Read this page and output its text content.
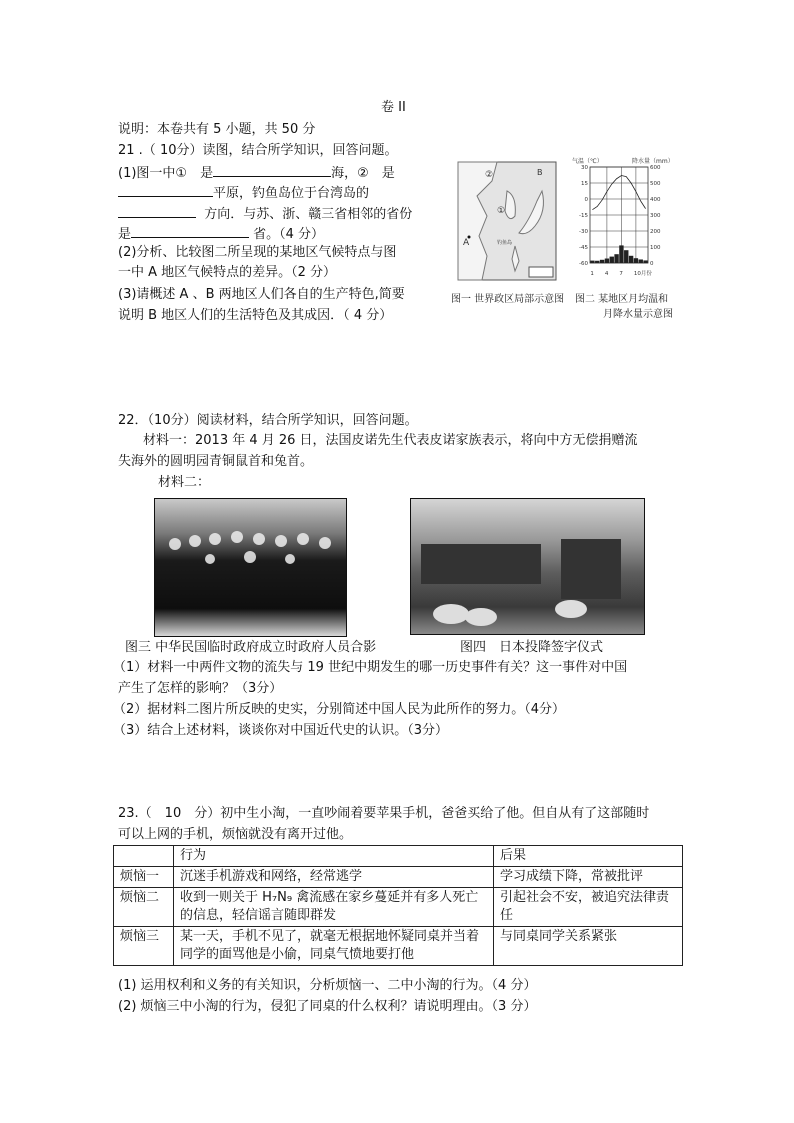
卷 II
说明：本卷共有 5 小题，共 50 分
21 .（ 10分）读图，结合所学知识，回答问题。
(1)图一中①　是	海，②　是
平原，钓鱼岛位于台湾岛的
方向．与苏、浙、赣三省相邻的省份
是	省。（4 分）
(2)分析、比较图二所呈现的某地区气候特点与图
一中 A 地区气候特点的差异。（2 分）
(3)请概述 A 、B 两地区人们各自的生产特色,简要
说明 B 地区人们的生活特色及其成因．（ 4 分）
②
①
A
B
钓鱼岛
图一 世界政区局部示意图
气温（℃）	降水量（mm）
30	600
15	500
0	400
-15	300
-30	200
-45	100
-60	0
1 4 7 10月份
图二 某地区月均温和
月降水量示意图
22．（10分）阅读材料，结合所学知识，回答问题。
材料一：2013 年 4 月 26 日，法国皮诺先生代表皮诺家族表示，将向中方无偿捐赠流
失海外的圆明园青铜鼠首和兔首。
材料二：
图三 中华民国临时政府成立时政府人员合影	图四　日本投降签字仪式
（1）材料一中两件文物的流失与 19 世纪中期发生的哪一历史事件有关？这一事件对中国
产生了怎样的影响？（3分）
（2）据材料二图片所反映的史实，分别简述中国人民为此所作的努力。（4分）
（3）结合上述材料，谈谈你对中国近代史的认识。（3分）
23.（　10　分）初中生小淘，一直吵闹着要苹果手机，爸爸买给了他。但自从有了这部随时
可以上网的手机，烦恼就没有离开过他。
	行为	后果
烦恼一	沉迷手机游戏和网络，经常逃学	学习成绩下降，常被批评
烦恼二	收到一则关于 H₇N₉ 禽流感在家乡蔓延并有多人死亡的信息，轻信谣言随即群发	引起社会不安，被追究法律责任
烦恼三	某一天，手机不见了，就毫无根据地怀疑同桌并当着同学的面骂他是小偷，同桌气愤地要打他	与同桌同学关系紧张
(1) 运用权利和义务的有关知识，分析烦恼一、二中小淘的行为。（4 分）
(2) 烦恼三中小淘的行为，侵犯了同桌的什么权利？请说明理由。（3 分）
